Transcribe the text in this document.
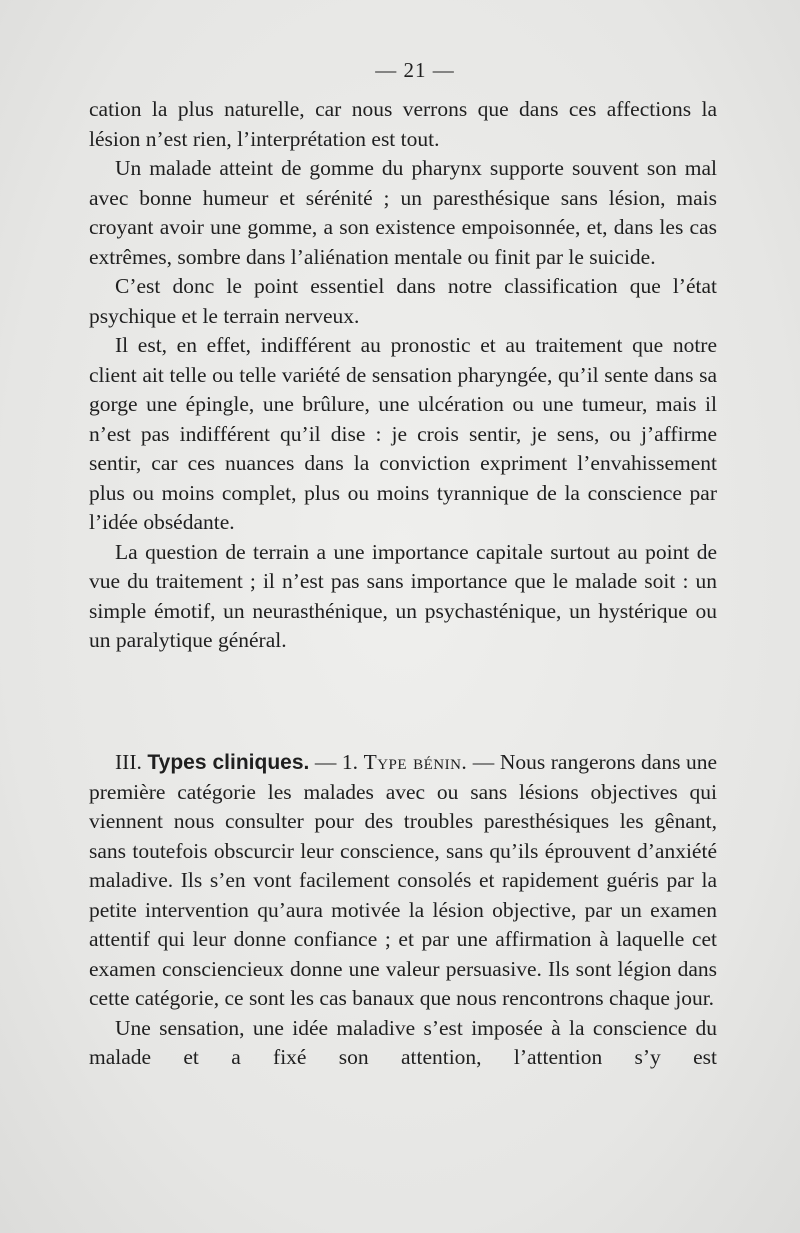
— 21 —

cation la plus naturelle, car nous verrons que dans ces affections la lésion n’est rien, l’interprétation est tout.

Un malade atteint de gomme du pharynx supporte souvent son mal avec bonne humeur et sérénité ; un paresthésique sans lésion, mais croyant avoir une gomme, a son existence empoisonnée, et, dans les cas extrêmes, sombre dans l’aliénation mentale ou finit par le suicide.

C’est donc le point essentiel dans notre classification que l’état psychique et le terrain nerveux.

Il est, en effet, indifférent au pronostic et au traitement que notre client ait telle ou telle variété de sensation pharyngée, qu’il sente dans sa gorge une épingle, une brûlure, une ulcération ou une tumeur, mais il n’est pas indifférent qu’il dise : je crois sentir, je sens, ou j’affirme sentir, car ces nuances dans la conviction expriment l’envahissement plus ou moins complet, plus ou moins tyrannique de la conscience par l’idée obsédante.

La question de terrain a une importance capitale surtout au point de vue du traitement ; il n’est pas sans importance que le malade soit : un simple émotif, un neurasthénique, un psychasténique, un hystérique ou un paralytique général.

III. Types cliniques. — 1. Type bénin. — Nous rangerons dans une première catégorie les malades avec ou sans lésions objectives qui viennent nous consulter pour des troubles paresthésiques les gênant, sans toutefois obscurcir leur conscience, sans qu’ils éprouvent d’anxiété maladive. Ils s’en vont facilement consolés et rapidement guéris par la petite intervention qu’aura motivée la lésion objective, par un examen attentif qui leur donne confiance ; et par une affirmation à laquelle cet examen consciencieux donne une valeur persuasive. Ils sont légion dans cette catégorie, ce sont les cas banaux que nous rencontrons chaque jour.

Une sensation, une idée maladive s’est imposée à la conscience du malade et a fixé son attention, l’attention s’y est
